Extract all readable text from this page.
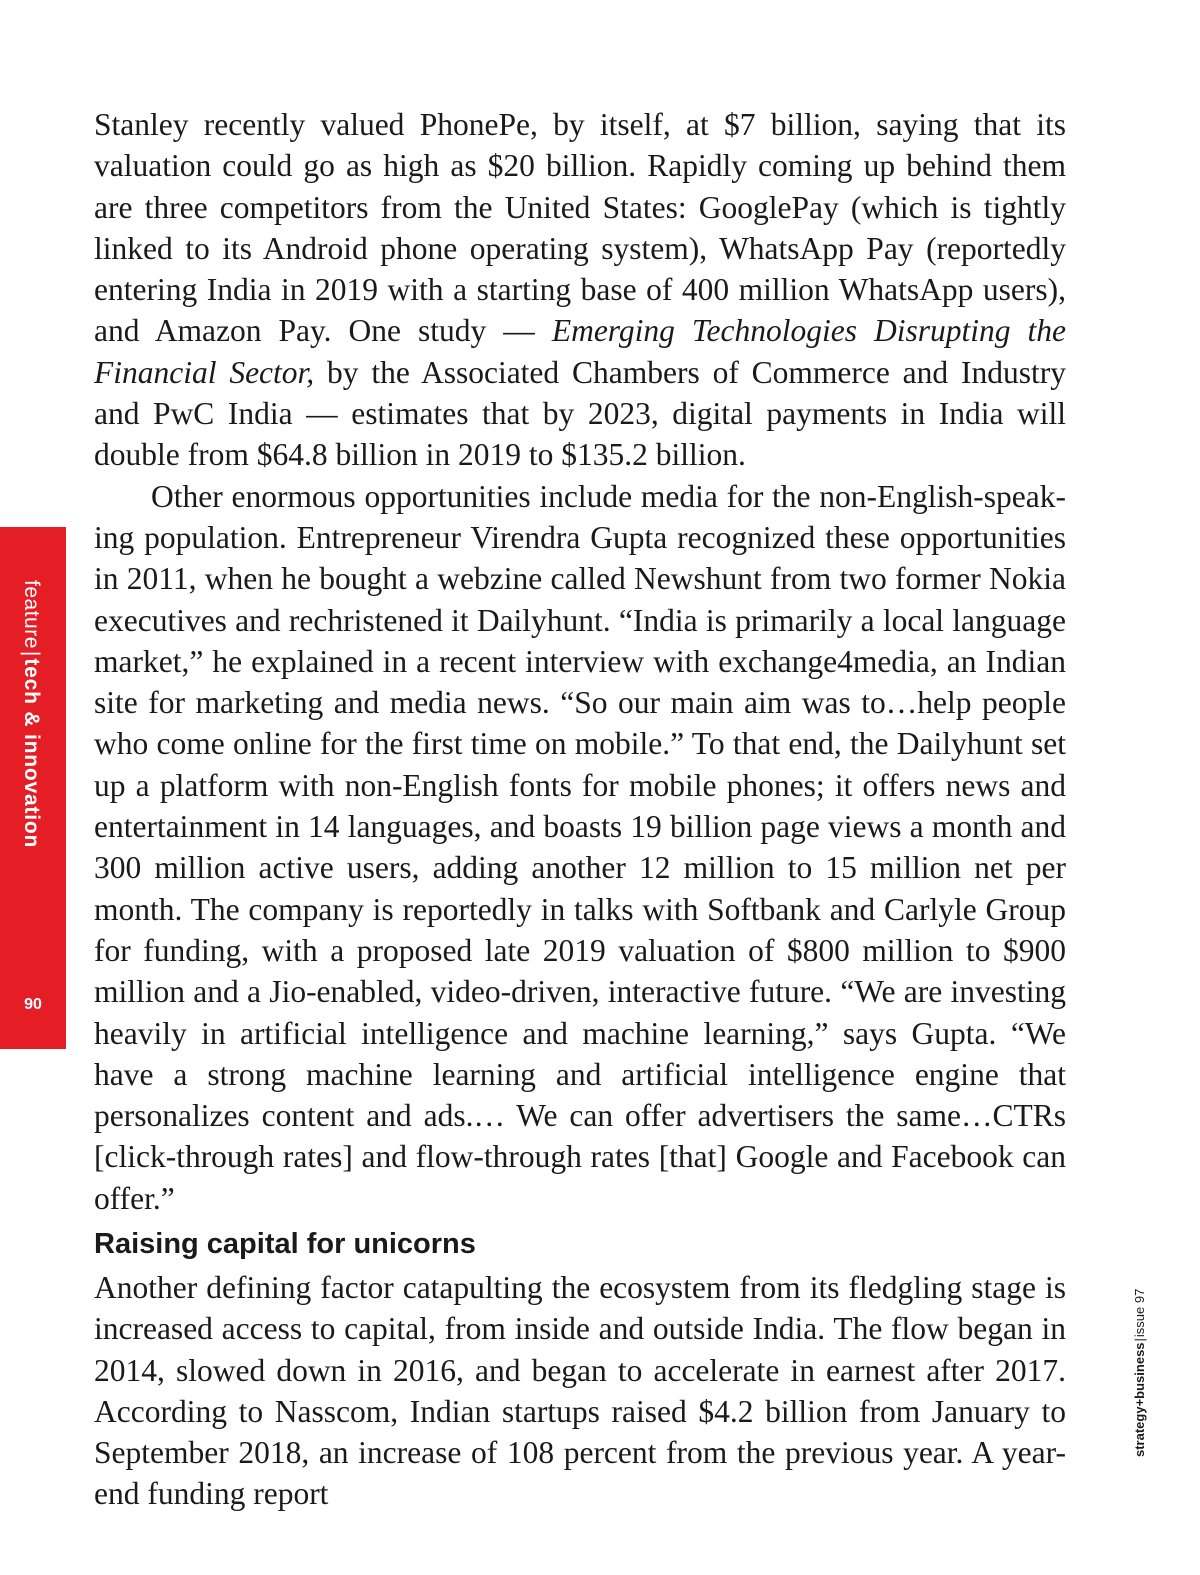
feature|tech & innovation
90

Stanley recently valued PhonePe, by itself, at $7 billion, saying that its valuation could go as high as $20 billion. Rapidly coming up behind them are three competitors from the United States: GooglePay (which is tightly linked to its Android phone operating system), WhatsApp Pay (reportedly entering India in 2019 with a starting base of 400 million WhatsApp users), and Amazon Pay. One study — Emerging Technologies Disrupting the Financial Sector, by the Associated Chambers of Commerce and Industry and PwC India — estimates that by 2023, digital payments in India will double from $64.8 billion in 2019 to $135.2 billion.

Other enormous opportunities include media for the non-English-speaking population. Entrepreneur Virendra Gupta recognized these opportunities in 2011, when he bought a webzine called Newshunt from two former Nokia executives and rechristened it Dailyhunt. “India is primarily a local language market,” he explained in a recent interview with exchange4media, an Indian site for marketing and media news. “So our main aim was to…help people who come online for the first time on mobile.” To that end, the Dailyhunt set up a platform with non-English fonts for mobile phones; it offers news and entertainment in 14 languages, and boasts 19 billion page views a month and 300 million active users, adding another 12 million to 15 million net per month. The company is reportedly in talks with Softbank and Carlyle Group for funding, with a proposed late 2019 valuation of $800 million to $900 million and a Jio-enabled, video-driven, interactive future. “We are investing heavily in artificial intelligence and machine learning,” says Gupta. “We have a strong machine learning and artificial intelligence engine that personalizes content and ads.… We can offer advertisers the same…CTRs [click-through rates] and flow-through rates [that] Google and Facebook can offer.”

Raising capital for unicorns

Another defining factor catapulting the ecosystem from its fledgling stage is increased access to capital, from inside and outside India. The flow began in 2014, slowed down in 2016, and began to accelerate in earnest after 2017. According to Nasscom, Indian startups raised $4.2 billion from January to September 2018, an increase of 108 percent from the previous year. A year-end funding report

strategy+business|issue 97
